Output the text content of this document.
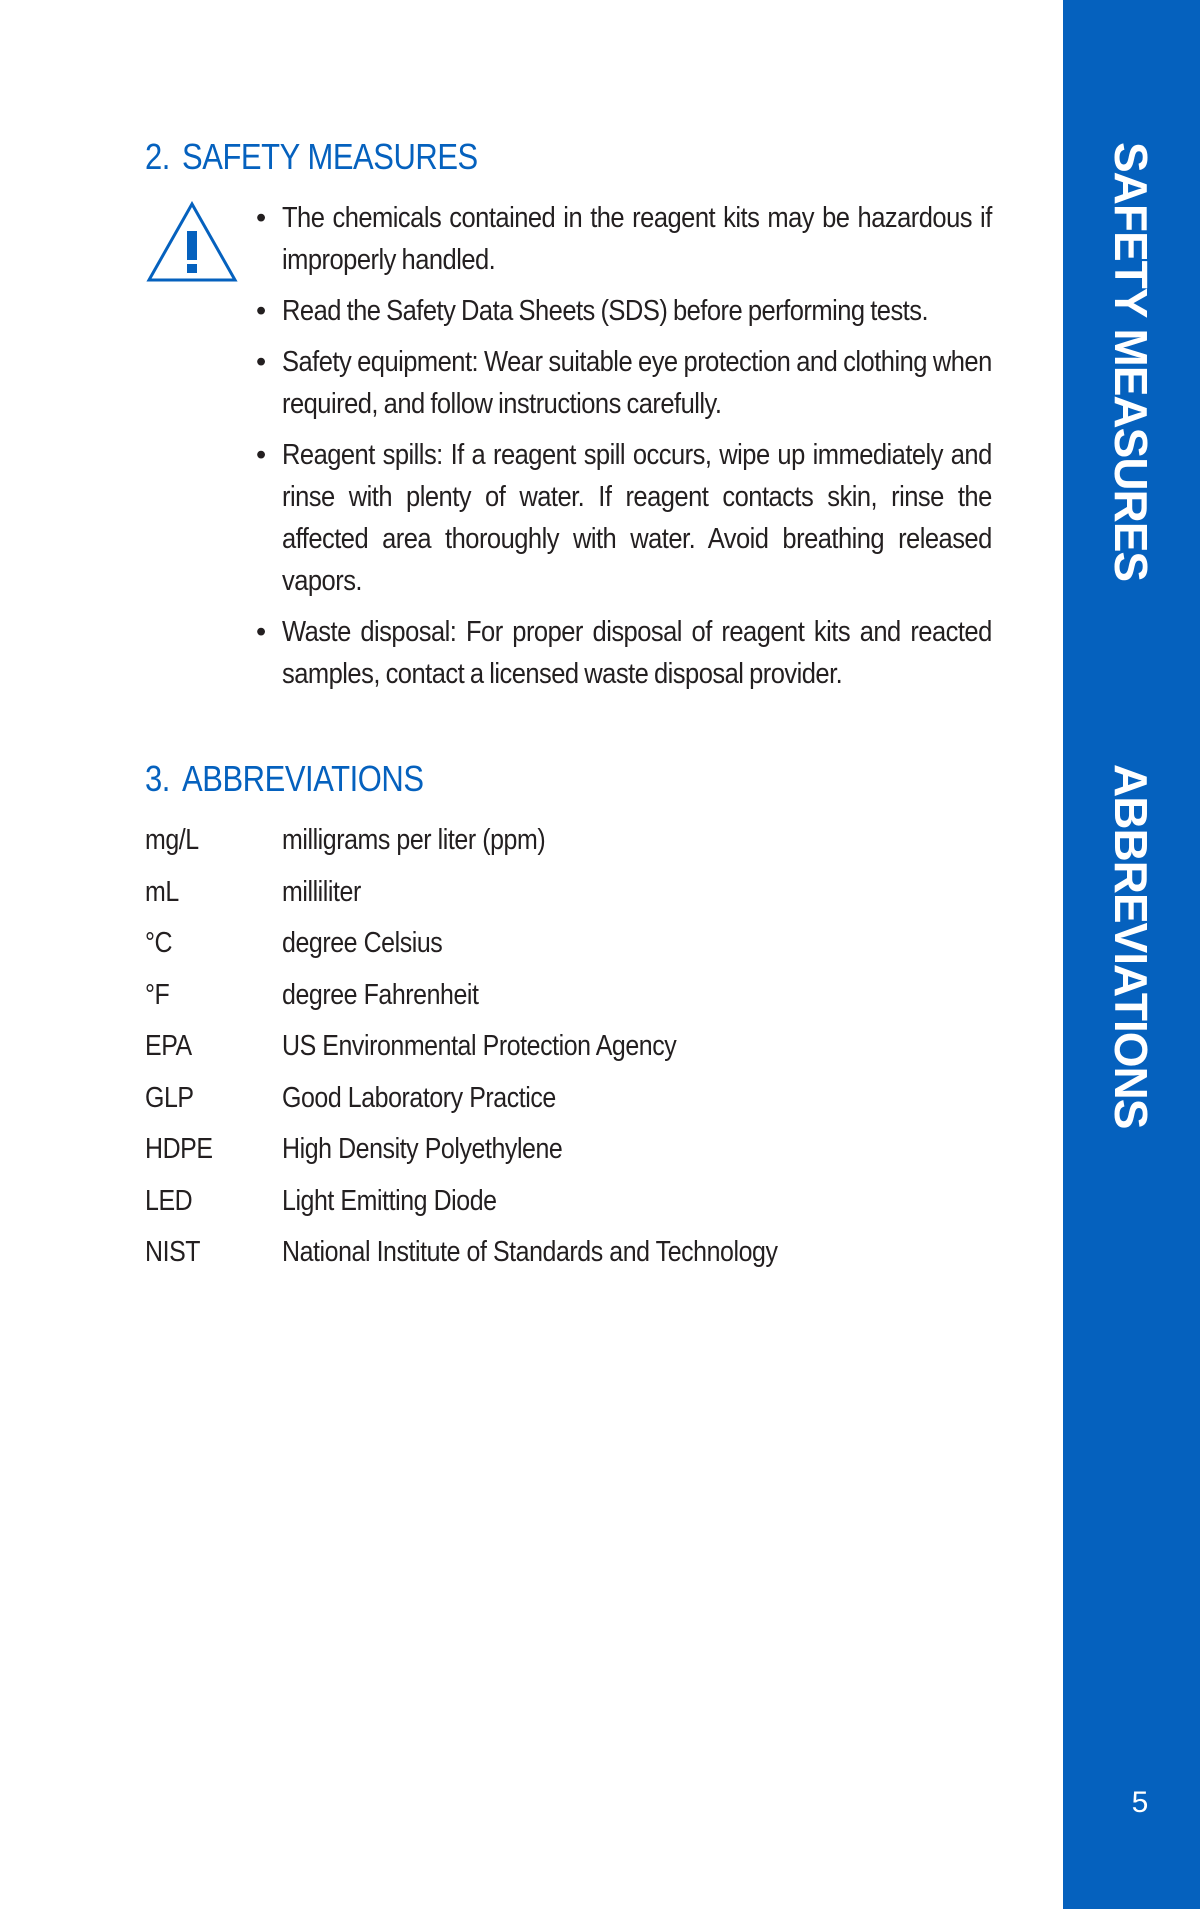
2. SAFETY MEASURES
• The chemicals contained in the reagent kits may be hazardous if improperly handled.
• Read the Safety Data Sheets (SDS) before performing tests.
• Safety equipment: Wear suitable eye protection and clothing when required, and follow instructions carefully.
• Reagent spills: If a reagent spill occurs, wipe up immediately and rinse with plenty of water. If reagent contacts skin, rinse the affected area thoroughly with water. Avoid breathing released vapors.
• Waste disposal: For proper disposal of reagent kits and reacted samples, contact a licensed waste disposal provider.
3. ABBREVIATIONS
mg/L	milligrams per liter (ppm)
mL	milliliter
°C	degree Celsius
°F	degree Fahrenheit
EPA	US Environmental Protection Agency
GLP	Good Laboratory Practice
HDPE	High Density Polyethylene
LED	Light Emitting Diode
NIST	National Institute of Standards and Technology
SAFETY MEASURES
ABBREVIATIONS
5
